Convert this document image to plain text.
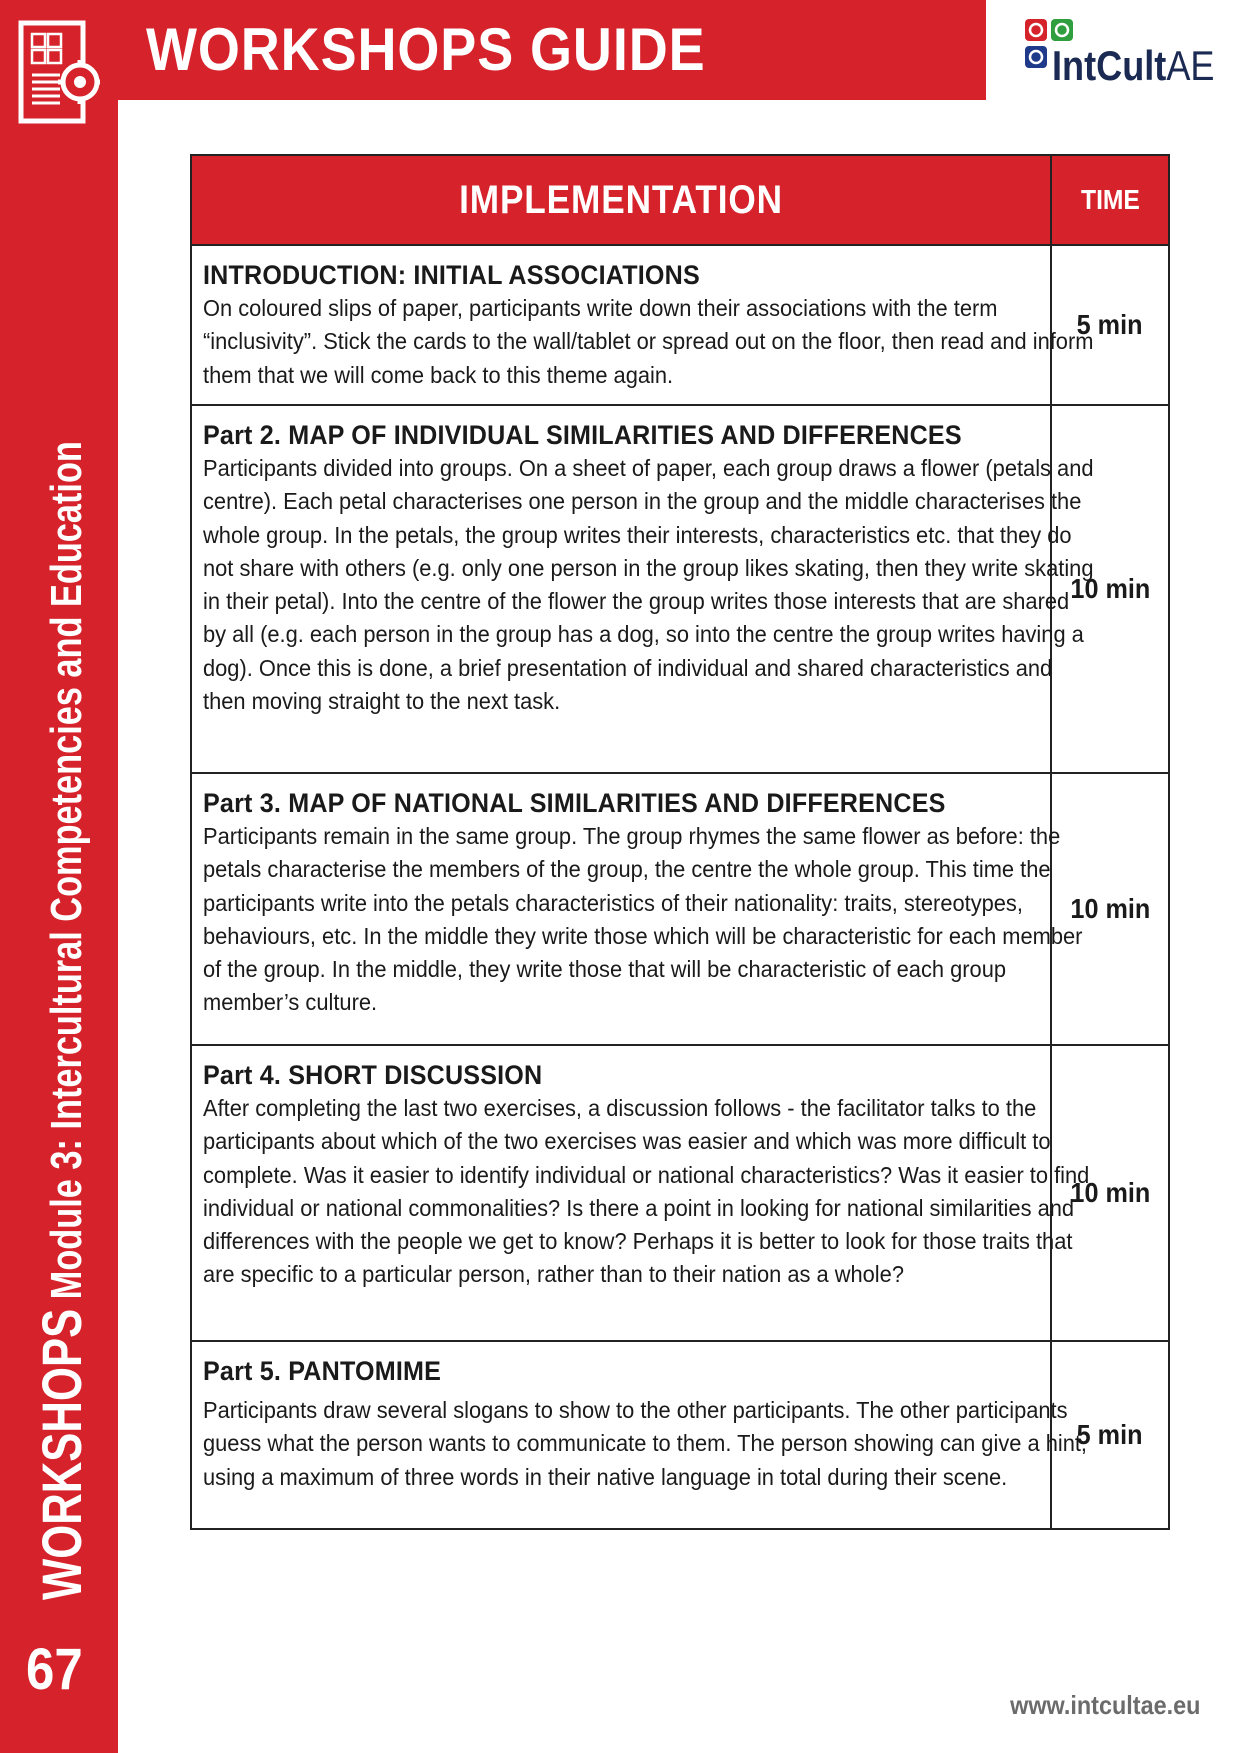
WORKSHOPS GUIDE	IntCultAE
WORKSHOPS Module 3: Intercultural Competencies and Education
67
IMPLEMENTATION	TIME

INTRODUCTION: INITIAL ASSOCIATIONS
On coloured slips of paper, participants write down their associations with the term “inclusivity”. Stick the cards to the wall/tablet or spread out on the floor, then read and inform them that we will come back to this theme again.	5 min

Part 2. MAP OF INDIVIDUAL SIMILARITIES AND DIFFERENCES
Participants divided into groups. On a sheet of paper, each group draws a flower (petals and centre). Each petal characterises one person in the group and the middle characterises the whole group. In the petals, the group writes their interests, characteristics etc. that they do not share with others (e.g. only one person in the group likes skating, then they write skating in their petal). Into the centre of the flower the group writes those interests that are shared by all (e.g. each person in the group has a dog, so into the centre the group writes having a dog). Once this is done, a brief presentation of individual and shared characteristics and then moving straight to the next task.	10 min

Part 3. MAP OF NATIONAL SIMILARITIES AND DIFFERENCES
Participants remain in the same group. The group rhymes the same flower as before: the petals characterise the members of the group, the centre the whole group. This time the participants write into the petals characteristics of their nationality: traits, stereotypes, behaviours, etc. In the middle they write those which will be characteristic for each member of the group. In the middle, they write those that will be characteristic of each group member’s culture.	10 min

Part 4. SHORT DISCUSSION
After completing the last two exercises, a discussion follows - the facilitator talks to the participants about which of the two exercises was easier and which was more difficult to complete. Was it easier to identify individual or national characteristics? Was it easier to find individual or national commonalities? Is there a point in looking for national similarities and differences with the people we get to know? Perhaps it is better to look for those traits that are specific to a particular person, rather than to their nation as a whole?	10 min

Part 5. PANTOMIME
Participants draw several slogans to show to the other participants. The other participants guess what the person wants to communicate to them. The person showing can give a hint, using a maximum of three words in their native language in total during their scene.	5 min
www.intcultae.eu
